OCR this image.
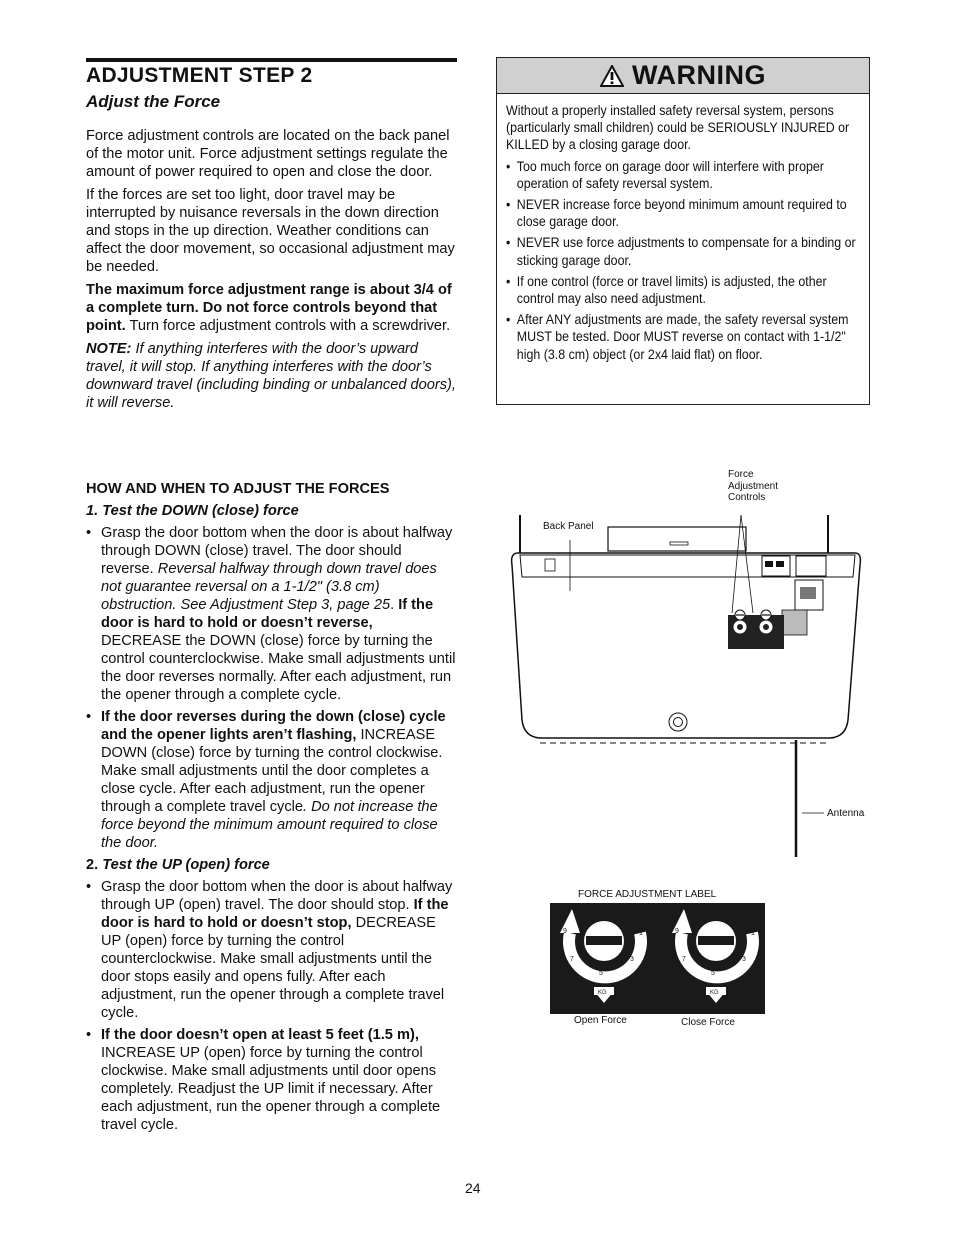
ADJUSTMENT STEP 2
Adjust the Force

Force adjustment controls are located on the back panel of the motor unit. Force adjustment settings regulate the amount of power required to open and close the door.

If the forces are set too light, door travel may be interrupted by nuisance reversals in the down direction and stops in the up direction. Weather conditions can affect the door movement, so occasional adjustment may be needed.

The maximum force adjustment range is about 3/4 of a complete turn. Do not force controls beyond that point. Turn force adjustment controls with a screwdriver.

NOTE: If anything interferes with the door’s upward travel, it will stop. If anything interferes with the door’s downward travel (including binding or unbalanced doors), it will reverse.

HOW AND WHEN TO ADJUST THE FORCES

1. Test the DOWN (close) force

• Grasp the door bottom when the door is about halfway through DOWN (close) travel. The door should reverse. Reversal halfway through down travel does not guarantee reversal on a 1-1/2" (3.8 cm) obstruction. See Adjustment Step 3, page 25. If the door is hard to hold or doesn’t reverse, DECREASE the DOWN (close) force by turning the control counterclockwise. Make small adjustments until the door reverses normally. After each adjustment, run the opener through a complete cycle.
• If the door reverses during the down (close) cycle and the opener lights aren’t flashing, INCREASE DOWN (close) force by turning the control clockwise. Make small adjustments until the door completes a close cycle. After each adjustment, run the opener through a complete travel cycle. Do not increase the force beyond the minimum amount required to close the door.

2. Test the UP (open) force

• Grasp the door bottom when the door is about halfway through UP (open) travel. The door should stop. If the door is hard to hold or doesn’t stop, DECREASE UP (open) force by turning the control counterclockwise. Make small adjustments until the door stops easily and opens fully. After each adjustment, run the opener through a complete travel cycle.
• If the door doesn’t open at least 5 feet (1.5 m), INCREASE UP (open) force by turning the control clockwise. Make small adjustments until door opens completely. Readjust the UP limit if necessary. After each adjustment, run the opener through a complete travel cycle.
WARNING

Without a properly installed safety reversal system, persons (particularly small children) could be SERIOUSLY INJURED or KILLED by a closing garage door.

• Too much force on garage door will interfere with proper operation of safety reversal system.
• NEVER increase force beyond minimum amount required to close garage door.
• NEVER use force adjustments to compensate for a binding or sticking garage door.
• If one control (force or travel limits) is adjusted, the other control may also need adjustment.
• After ANY adjustments are made, the safety reversal system MUST be tested. Door MUST reverse on contact with 1-1/2" high (3.8 cm) object (or 2x4 laid flat) on floor.
Force
Adjustment
Controls
Back Panel
Antenna
FORCE ADJUSTMENT LABEL
9
7
5
3
1	9
7
5
3
1
KG	KG
Open Force	Close Force
24
